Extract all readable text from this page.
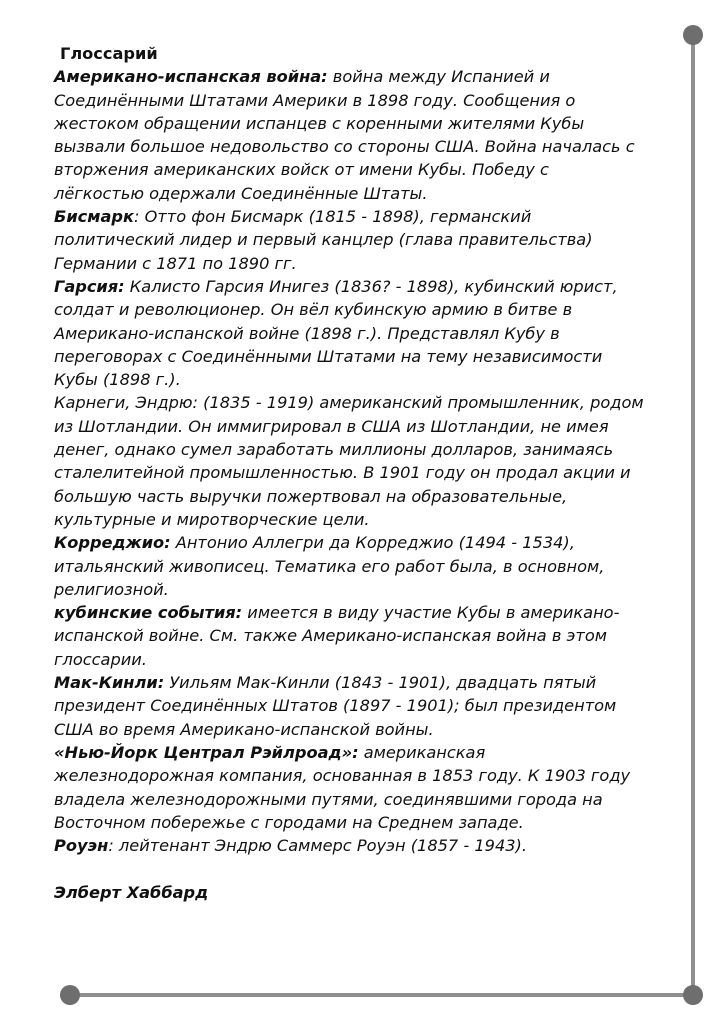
Глоссарий

Американо-испанская война: война между Испанией и Соединёнными Штатами Америки в 1898 году. Сообщения о жестоком обращении испанцев с коренными жителями Кубы вызвали большое недовольство со стороны США. Война началась с вторжения американских войск от имени Кубы. Победу с лёгкостью одержали Соединённые Штаты.

Бисмарк: Отто фон Бисмарк (1815 - 1898), германский политический лидер и первый канцлер (глава правительства) Германии с 1871 по 1890 гг.

Гарсия: Калисто Гарсия Инигез (1836? - 1898), кубинский юрист, солдат и революционер. Он вёл кубинскую армию в битве в Американо-испанской войне (1898 г.). Представлял Кубу в переговорах с Соединёнными Штатами на тему независимости Кубы (1898 г.).

Карнеги, Эндрю: (1835 - 1919) американский промышленник, родом из Шотландии. Он иммигрировал в США из Шотландии, не имея денег, однако сумел заработать миллионы долларов, занимаясь сталелитейной промышленностью. В 1901 году он продал акции и большую часть выручки пожертвовал на образовательные, культурные и миротворческие цели.

Корреджио: Антонио Аллегри да Корреджио (1494 - 1534), итальянский живописец. Тематика его работ была, в основном, религиозной.

кубинские события: имеется в виду участие Кубы в американо-испанской войне. См. также Американо-испанская война в этом глоссарии.

Мак-Кинли: Уильям Мак-Кинли (1843 - 1901), двадцать пятый президент Соединённых Штатов (1897 - 1901); был президентом США во время Американо-испанской войны.

«Нью-Йорк Централ Рэйлроад»: американская железнодорожная компания, основанная в 1853 году. К 1903 году владела железнодорожными путями, соединявшими города на Восточном побережье с городами на Среднем западе.

Роуэн: лейтенант Эндрю Саммерс Роуэн (1857 - 1943).

Элберт Хаббард
